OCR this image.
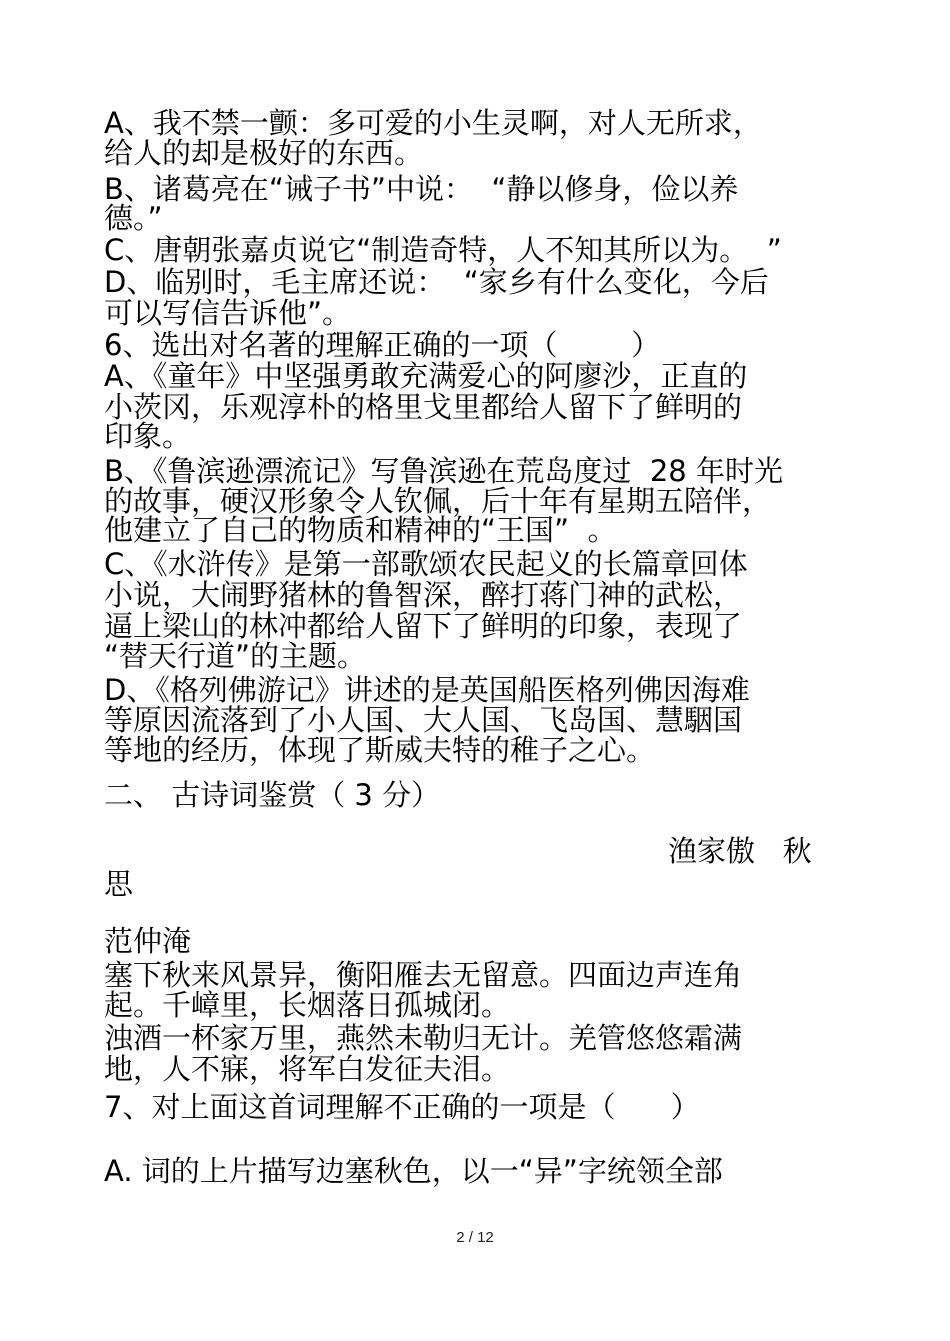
A、我不禁一颤：多可爱的小生灵啊，对人无所求，
给人的却是极好的东西。
B、诸葛亮在“诫子书”中说：  “静以修身，俭以养
德。”
C、唐朝张嘉贞说它“制造奇特，人不知其所以为。  ”
D、临别时，毛主席还说：  “家乡有什么变化，今后
可以写信告诉他”。
6、选出对名著的理解正确的一项（        ）
A、《童年》中坚强勇敢充满爱心的阿廖沙，正直的
小茨冈，乐观淳朴的格里戈里都给人留下了鲜明的
印象。
B、《鲁滨逊漂流记》写鲁滨逊在荒岛度过  28 年时光
的故事，硬汉形象令人钦佩，后十年有星期五陪伴，
他建立了自己的物质和精神的“王国”  。
C、《水浒传》是第一部歌颂农民起义的长篇章回体
小说，大闹野猪林的鲁智深，醉打蒋门神的武松，
逼上梁山的林冲都给人留下了鲜明的印象，表现了
“替天行道”的主题。
D、《格列佛游记》讲述的是英国船医格列佛因海难
等原因流落到了小人国、大人国、飞岛国、慧駰国
等地的经历，体现了斯威夫特的稚子之心。
二、 古诗词鉴赏（ 3 分）
渔家傲   秋
思
范仲淹
塞下秋来风景异，衡阳雁去无留意。四面边声连角
起。千嶂里，长烟落日孤城闭。
浊酒一杯家万里，燕然未勒归无计。羌管悠悠霜满
地，人不寐，将军白发征夫泪。
7、对上面这首词理解不正确的一项是（      ）
A. 词的上片描写边塞秋色，以一“异”字统领全部
2 / 12
